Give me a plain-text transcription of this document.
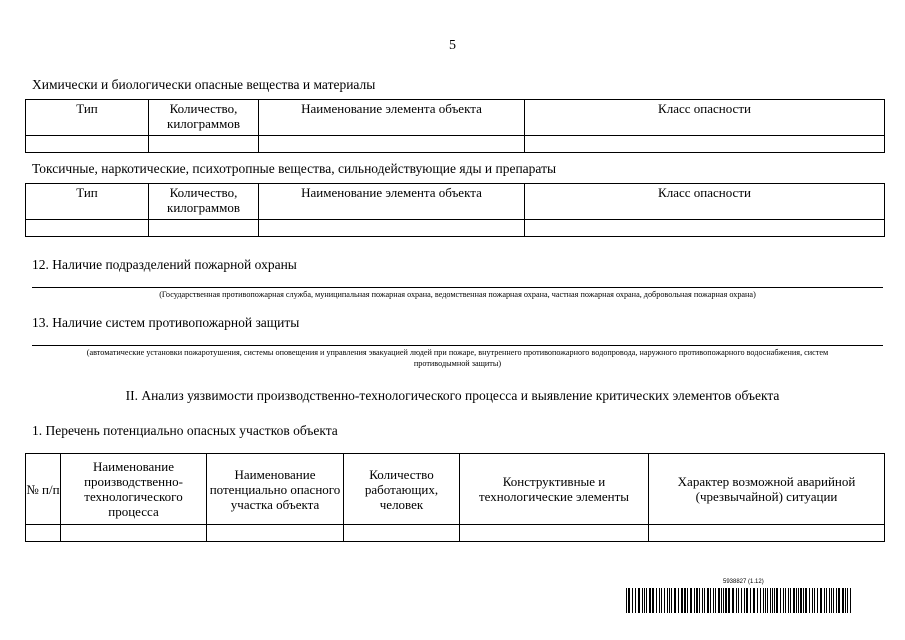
5
Химически и биологически опасные вещества и материалы
Тип	Количество, килограммов	Наименование элемента объекта	Класс опасности

Токсичные, наркотические, психотропные вещества, сильнодействующие яды и препараты
Тип	Количество, килограммов	Наименование элемента объекта	Класс опасности

12. Наличие подразделений пожарной охраны
(Государственная противопожарная служба, муниципальная пожарная охрана, ведомственная пожарная охрана, частная пожарная охрана, добровольная пожарная охрана)
13. Наличие систем противопожарной защиты
(автоматические установки пожаротушения, системы оповещения и управления эвакуацией людей при пожаре, внутреннего противопожарного водопровода, наружного противопожарного водоснабжения, систем противодымной защиты)
II. Анализ уязвимости производственно-технологического процесса и выявление критических элементов объекта
1. Перечень потенциально опасных участков объекта
№ п/п	Наименование производственно-технологического процесса	Наименование потенциально опасного участка объекта	Количество работающих, человек	Конструктивные и технологические элементы	Характер возможной аварийной (чрезвычайной) ситуации

5938827 (1.12)
